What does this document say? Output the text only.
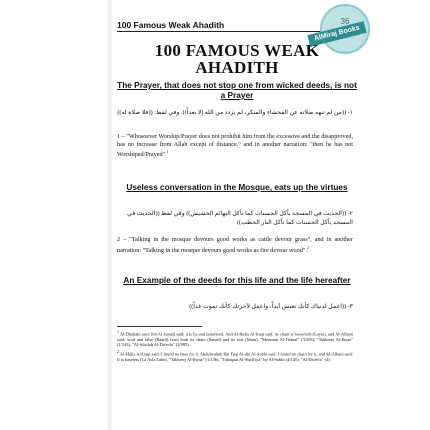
100 Famous Weak Ahadith	36
AlMiraj Books
100 FAMOUS WEAK
AHADITH
The Prayer, that does not stop one from wicked deeds, is not a Prayer
١- ((من لم تنهه صلاته عن الفحشاء والمنكر، لم يزدد من الله إلا بعداً)). وفي لفظ: ((فلا صلاة له))
1 – "Whosoever Worship/Prayer does not prohibit him from the excessive and the disapproved, has no increase from Allah except of distance." and in another narration: "then he has not Worshiped/Prayed".$^1$
Useless conversation in the Mosque, eats up the virtues
٢- ((الحديث في المسجد يأكل الحسنات كما تأكل البهائم الحشيش)) وفي لفظ ((الحديث في المسجد يأكل الحسنات كما تأكل النار الحطب))
2 – "Talking in the mosque devours good works as cattle devour grass", and in another narration: "Talking in the mosque devours good works as fire devour wood".$^2$
An Example of the deeds for this life and the life hereafter
٣- ((اعمل لدنياك كأنك تعيش أبداً، واعمل لآخرتك كأنك تموت غداً))
$^1$ Al-Dhahabi said: Ibn Al-Junaid said: it is lie and falsehood. And Al-Hafiz Al-Iraqi said: its chain is loose/soft (Layin), and Al-Albani said: void and false (Baatil) from both its chain (Sanad) and its text (Matn). "Meezaan Al-I'tidaal" (3/293), "Takhreej Al-Ihyaa" (1/143), "Al-Silsilah Al-Da'eefa" (2/985).
$^2$ Al-Hafiz Al-Iraqi said: I found no base for it. Abdulwahab Ibn Taqi Al-din Al-Subki said: I found no chain for it, and Al-Albani said: It is baseless (La Asla Lahu). "Takhreej Al-Ihyaa" (1/136), "Tabaqaat Al-Shafi'iya" by Al-Subki (4/145), "Al-Da'eefa" (4).
